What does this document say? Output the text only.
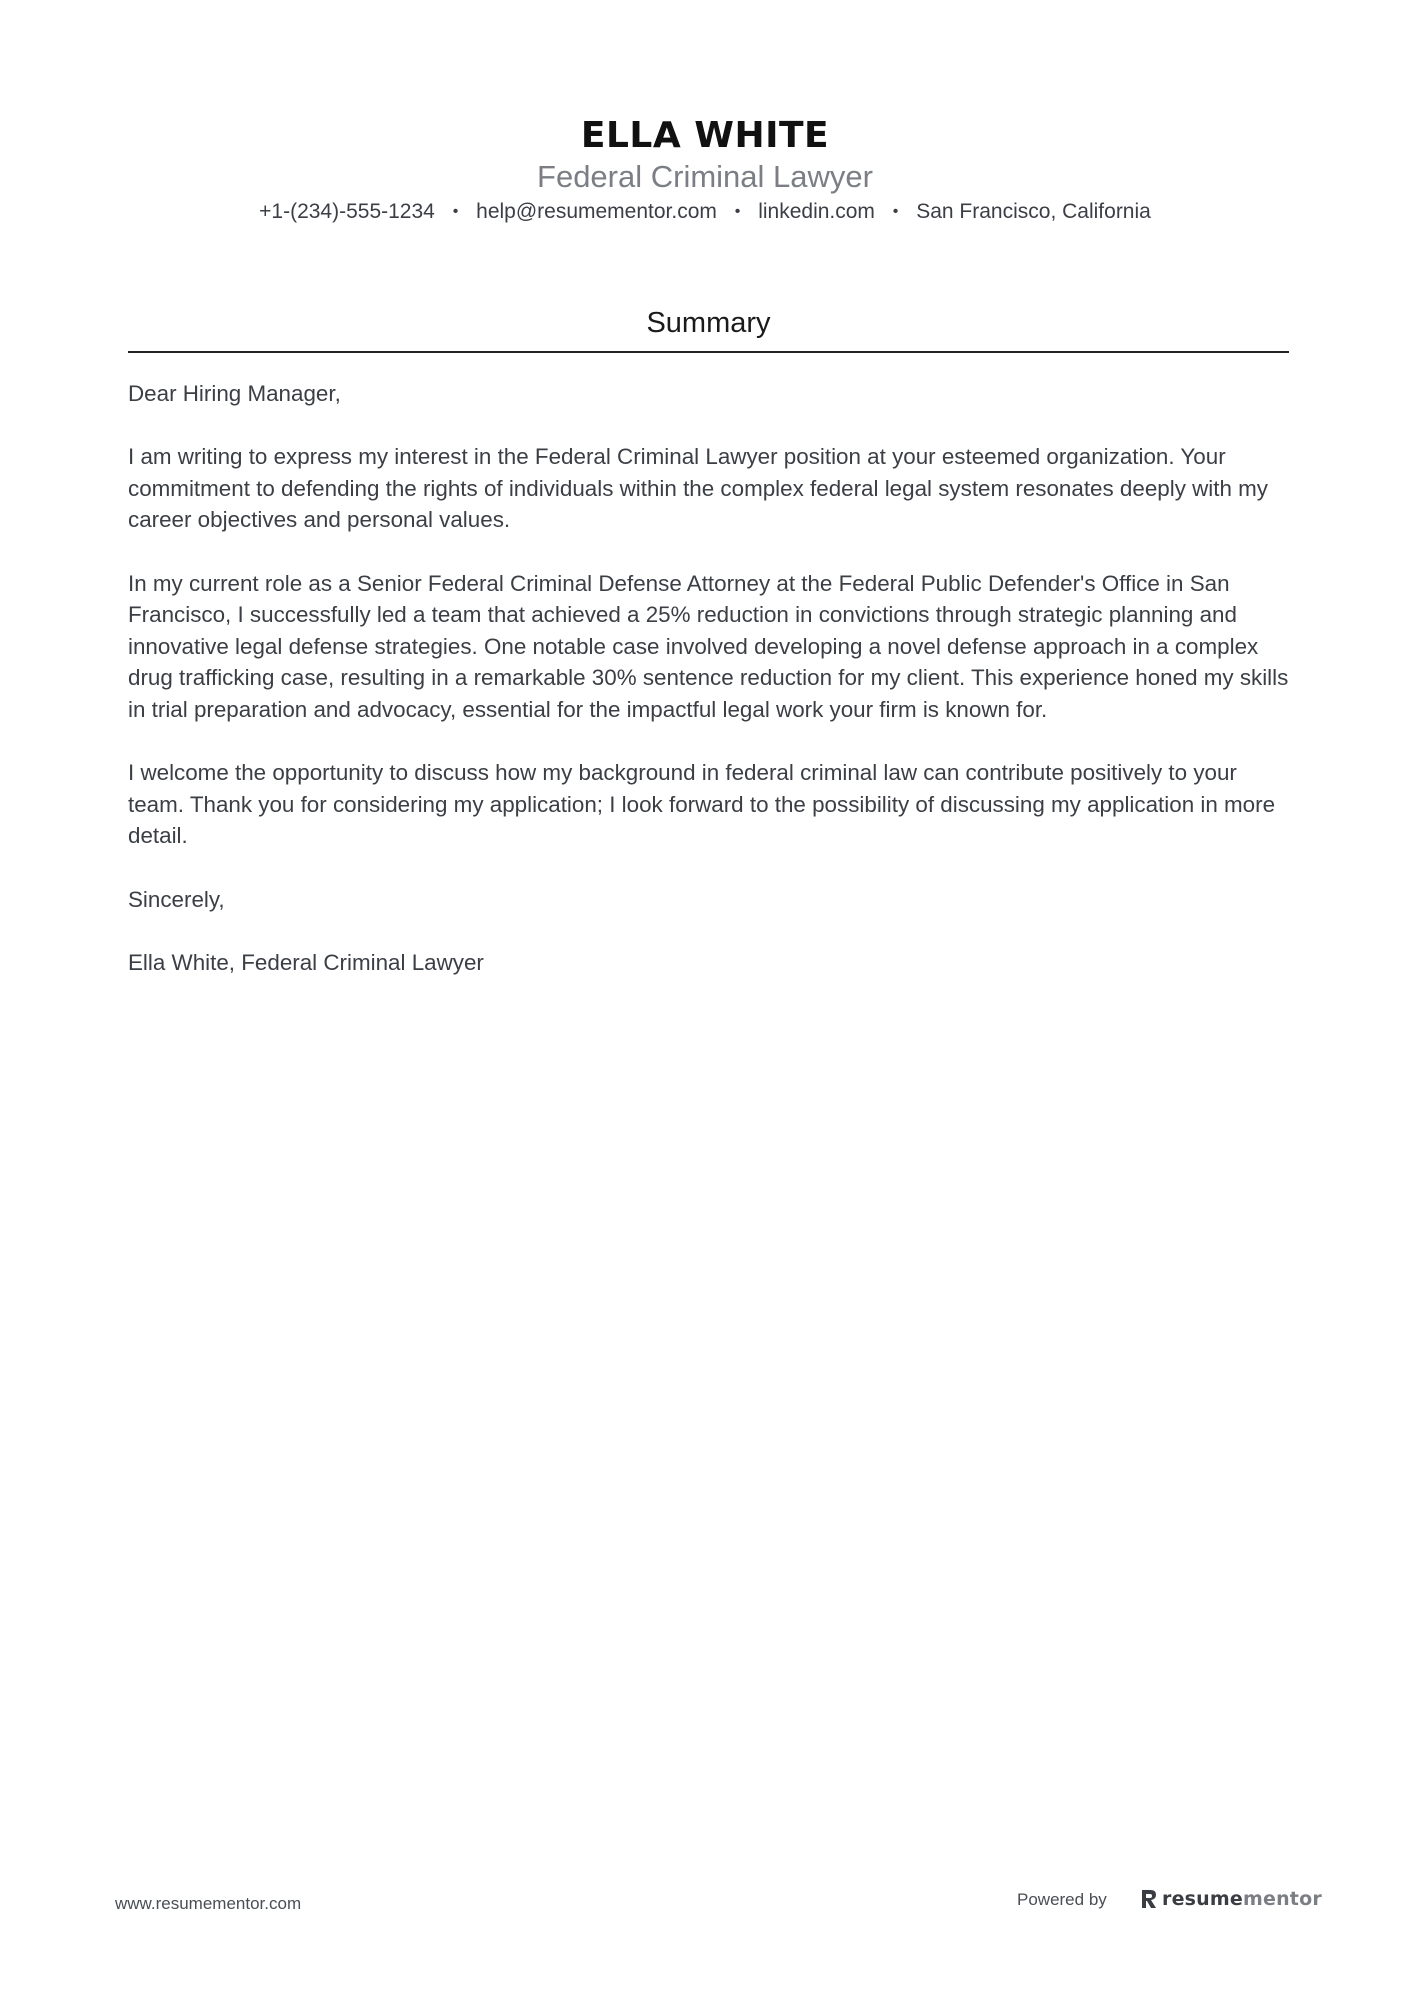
ELLA WHITE
Federal Criminal Lawyer
+1-(234)-555-1234 • help@resumementor.com • linkedin.com • San Francisco, California
Summary

Dear Hiring Manager,

I am writing to express my interest in the Federal Criminal Lawyer position at your esteemed organization. Your commitment to defending the rights of individuals within the complex federal legal system resonates deeply with my career objectives and personal values.

In my current role as a Senior Federal Criminal Defense Attorney at the Federal Public Defender's Office in San Francisco, I successfully led a team that achieved a 25% reduction in convictions through strategic planning and innovative legal defense strategies. One notable case involved developing a novel defense approach in a complex drug trafficking case, resulting in a remarkable 30% sentence reduction for my client. This experience honed my skills in trial preparation and advocacy, essential for the impactful legal work your firm is known for.

I welcome the opportunity to discuss how my background in federal criminal law can contribute positively to your team. Thank you for considering my application; I look forward to the possibility of discussing my application in more detail.

Sincerely,

Ella White, Federal Criminal Lawyer

www.resumementor.com	Powered by	resumementor
